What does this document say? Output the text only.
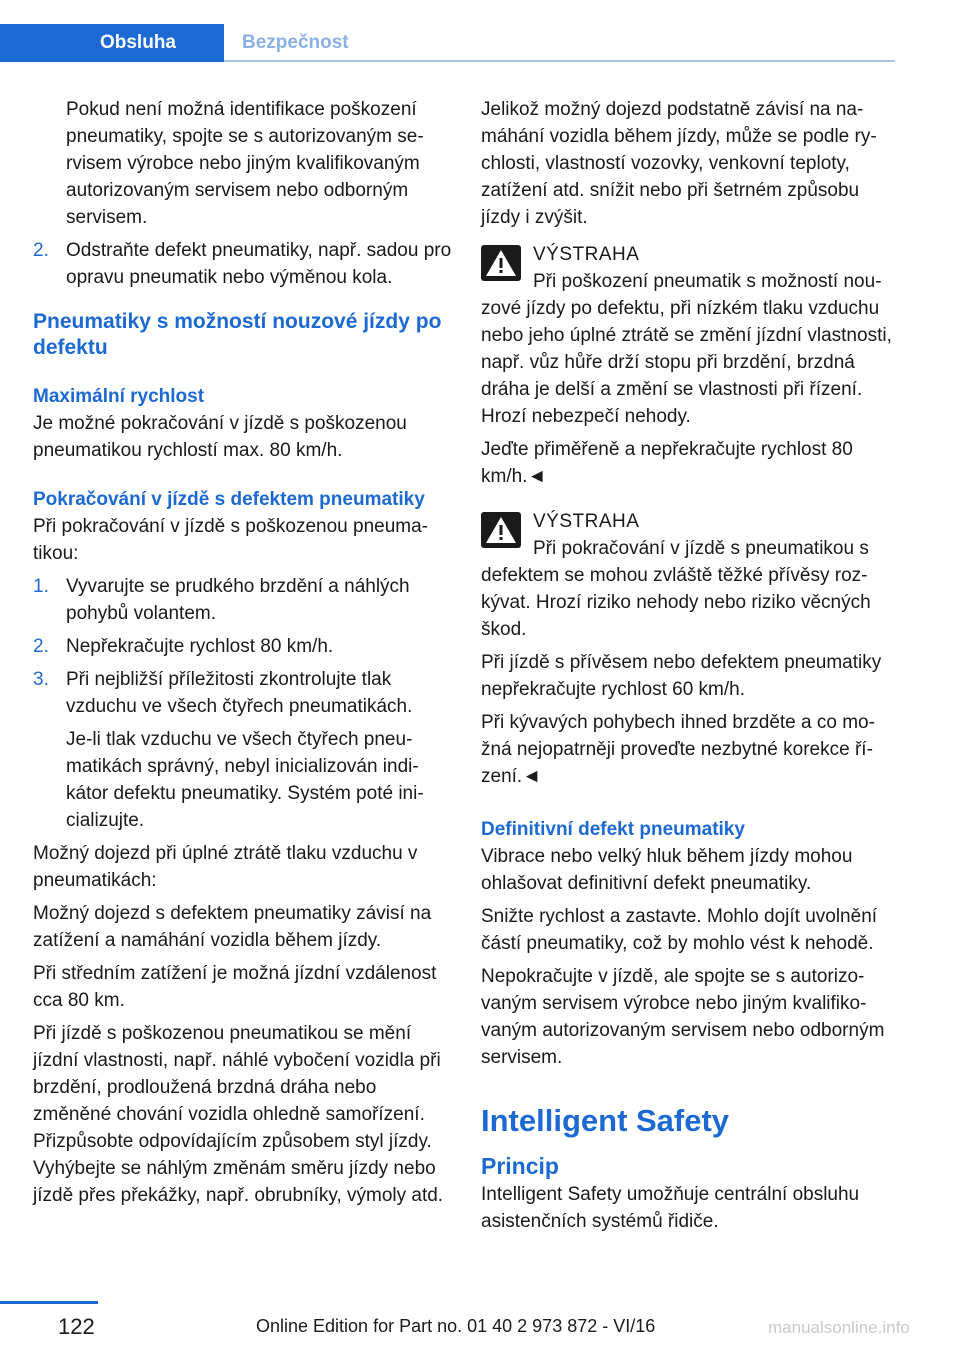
Obsluha	Bezpečnost

Pokud není možná identifikace poškození pneumatiky, spojte se s autorizovaným servisem výrobce nebo jiným kvalifikovaným autorizovaným servisem nebo odborným servisem.

2. Odstraňte defekt pneumatiky, např. sadou pro opravu pneumatik nebo výměnou kola.
Pneumatiky s možností nouzové jízdy po defektu
Maximální rychlost

Je možné pokračování v jízdě s poškozenou pneumatikou rychlostí max. 80 km/h.

Pokračování v jízdě s defektem pneumatiky

Při pokračování v jízdě s poškozenou pneumatikou:

1. Vyvarujte se prudkého brzdění a náhlých pohybů volantem.
2. Nepřekračujte rychlost 80 km/h.
3. Při nejbližší příležitosti zkontrolujte tlak vzduchu ve všech čtyřech pneumatikách.

Je-li tlak vzduchu ve všech čtyřech pneumatikách správný, nebyl inicializován indikátor defektu pneumatiky. Systém poté inicializujte.

Možný dojezd při úplné ztrátě tlaku vzduchu v pneumatikách:

Možný dojezd s defektem pneumatiky závisí na zatížení a namáhání vozidla během jízdy.

Při středním zatížení je možná jízdní vzdálenost cca 80 km.

Při jízdě s poškozenou pneumatikou se mění jízdní vlastnosti, např. náhlé vybočení vozidla při brzdění, prodloužená brzdná dráha nebo změněné chování vozidla ohledně samořízení. Přizpůsobte odpovídajícím způsobem styl jízdy. Vyhýbejte se náhlým změnám směru jízdy nebo jízdě přes překážky, např. obrubníky, výmoly atd.

Jelikož možný dojezd podstatně závisí na namáhání vozidla během jízdy, může se podle rychlosti, vlastností vozovky, venkovní teploty, zatížení atd. snížit nebo při šetrném způsobu jízdy i zvýšit.

VÝSTRAHA

Při poškození pneumatik s možností nouzové jízdy po defektu, při nízkém tlaku vzduchu nebo jeho úplné ztrátě se změní jízdní vlastnosti, např. vůz hůře drží stopu při brzdění, brzdná dráha je delší a změní se vlastnosti při řízení. Hrozí nebezpečí nehody.

Jeďte přiměřeně a nepřekračujte rychlost 80 km/h.◄

VÝSTRAHA

Při pokračování v jízdě s pneumatikou s defektem se mohou zvláště těžké přívěsy rozkývat. Hrozí riziko nehody nebo riziko věcných škod.

Při jízdě s přívěsem nebo defektem pneumatiky nepřekračujte rychlost 60 km/h.

Při kývavých pohybech ihned brzděte a co možná nejopatrněji proveďte nezbytné korekce řízení.◄

Definitivní defekt pneumatiky

Vibrace nebo velký hluk během jízdy mohou ohlašovat definitivní defekt pneumatiky.

Snižte rychlost a zastavte. Mohlo dojít uvolnění částí pneumatiky, což by mohlo vést k nehodě.

Nepokračujte v jízdě, ale spojte se s autorizovaným servisem výrobce nebo jiným kvalifikovaným autorizovaným servisem nebo odborným servisem.

Intelligent Safety
Princip

Intelligent Safety umožňuje centrální obsluhu asistenčních systémů řidiče.

122	Online Edition for Part no. 01 40 2 973 872 - VI/16	manualsonline.info
